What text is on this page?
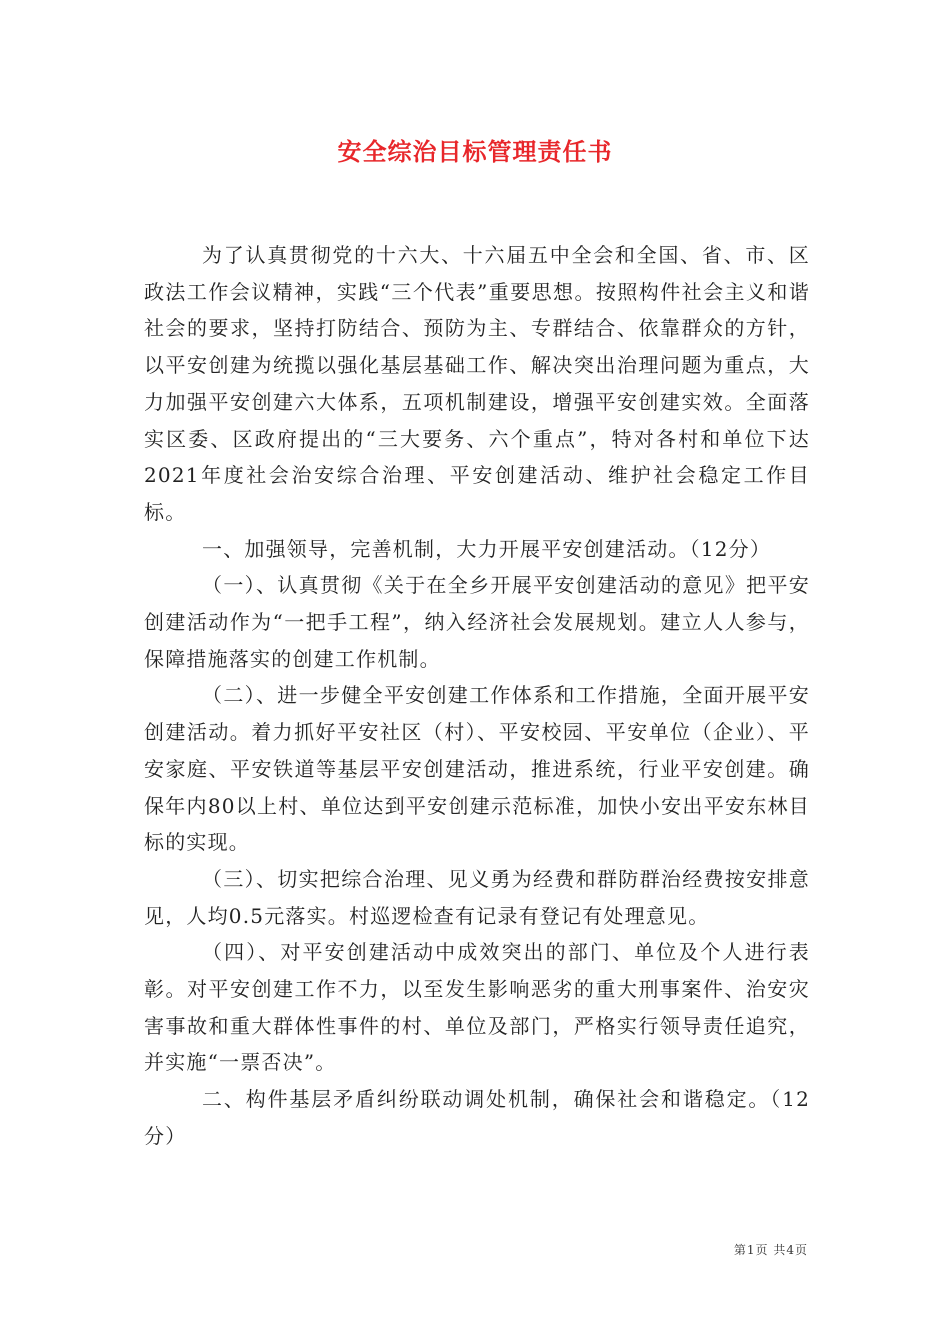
安全综治目标管理责任书

为了认真贯彻党的十六大、十六届五中全会和全国、省、市、区政法工作会议精神，实践“三个代表”重要思想。按照构件社会主义和谐社会的要求，坚持打防结合、预防为主、专群结合、依靠群众的方针，以平安创建为统揽以强化基层基础工作、解决突出治理问题为重点，大力加强平安创建六大体系，五项机制建设，增强平安创建实效。全面落实区委、区政府提出的“三大要务、六个重点”，特对各村和单位下达2021年度社会治安综合治理、平安创建活动、维护社会稳定工作目标。

一、加强领导，完善机制，大力开展平安创建活动。（12分）

（一）、认真贯彻《关于在全乡开展平安创建活动的意见》把平安创建活动作为“一把手工程”，纳入经济社会发展规划。建立人人参与，保障措施落实的创建工作机制。

（二）、进一步健全平安创建工作体系和工作措施，全面开展平安创建活动。着力抓好平安社区（村）、平安校园、平安单位（企业）、平安家庭、平安铁道等基层平安创建活动，推进系统，行业平安创建。确保年内80以上村、单位达到平安创建示范标准，加快小安出平安东林目标的实现。

（三）、切实把综合治理、见义勇为经费和群防群治经费按安排意见，人均0.5元落实。村巡逻检查有记录有登记有处理意见。

（四）、对平安创建活动中成效突出的部门、单位及个人进行表彰。对平安创建工作不力，以至发生影响恶劣的重大刑事案件、治安灾害事故和重大群体性事件的村、单位及部门，严格实行领导责任追究，并实施“一票否决”。

二、构件基层矛盾纠纷联动调处机制，确保社会和谐稳定。（12分）

第1页 共4页
